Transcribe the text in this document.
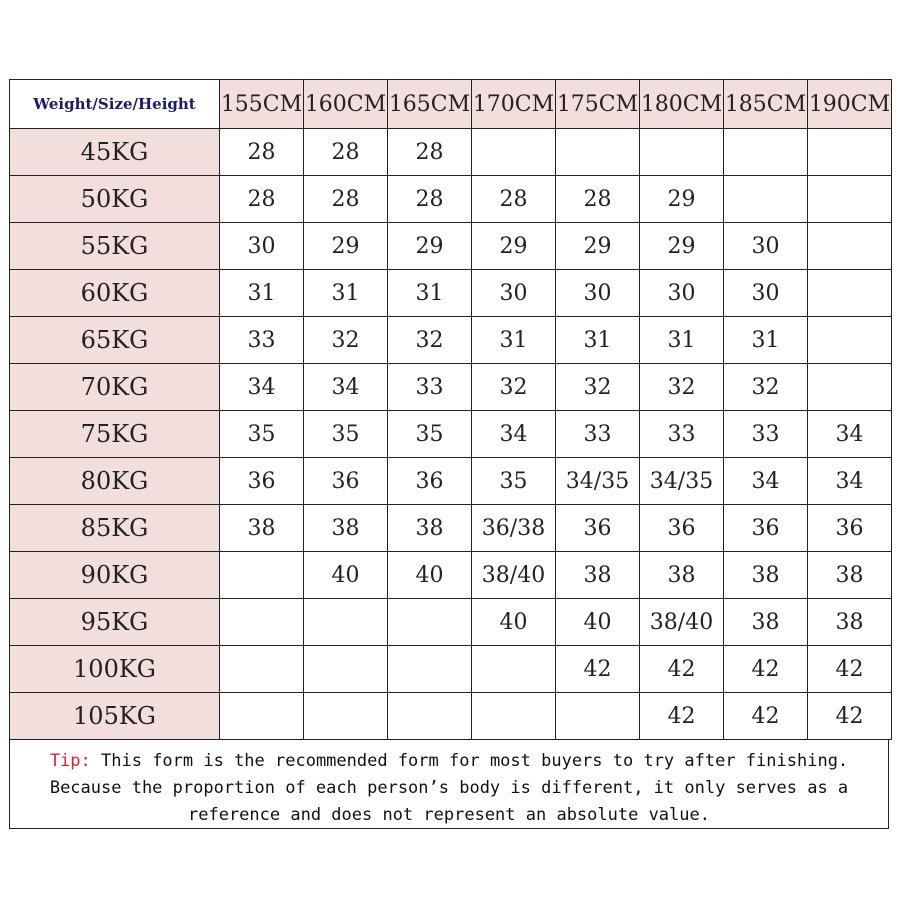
Weight/Size/Height	155CM	160CM	165CM	170CM	175CM	180CM	185CM	190CM
45KG	28	28	28					
50KG	28	28	28	28	28	29		
55KG	30	29	29	29	29	29	30	
60KG	31	31	31	30	30	30	30	
65KG	33	32	32	31	31	31	31	
70KG	34	34	33	32	32	32	32	
75KG	35	35	35	34	33	33	33	34
80KG	36	36	36	35	34/35	34/35	34	34
85KG	38	38	38	36/38	36	36	36	36
90KG		40	40	38/40	38	38	38	38
95KG				40	40	38/40	38	38
100KG					42	42	42	42
105KG						42	42	42
Tip: This form is the recommended form for most buyers to try after finishing. Because the proportion of each person’s body is different, it only serves as a reference and does not represent an absolute value.
